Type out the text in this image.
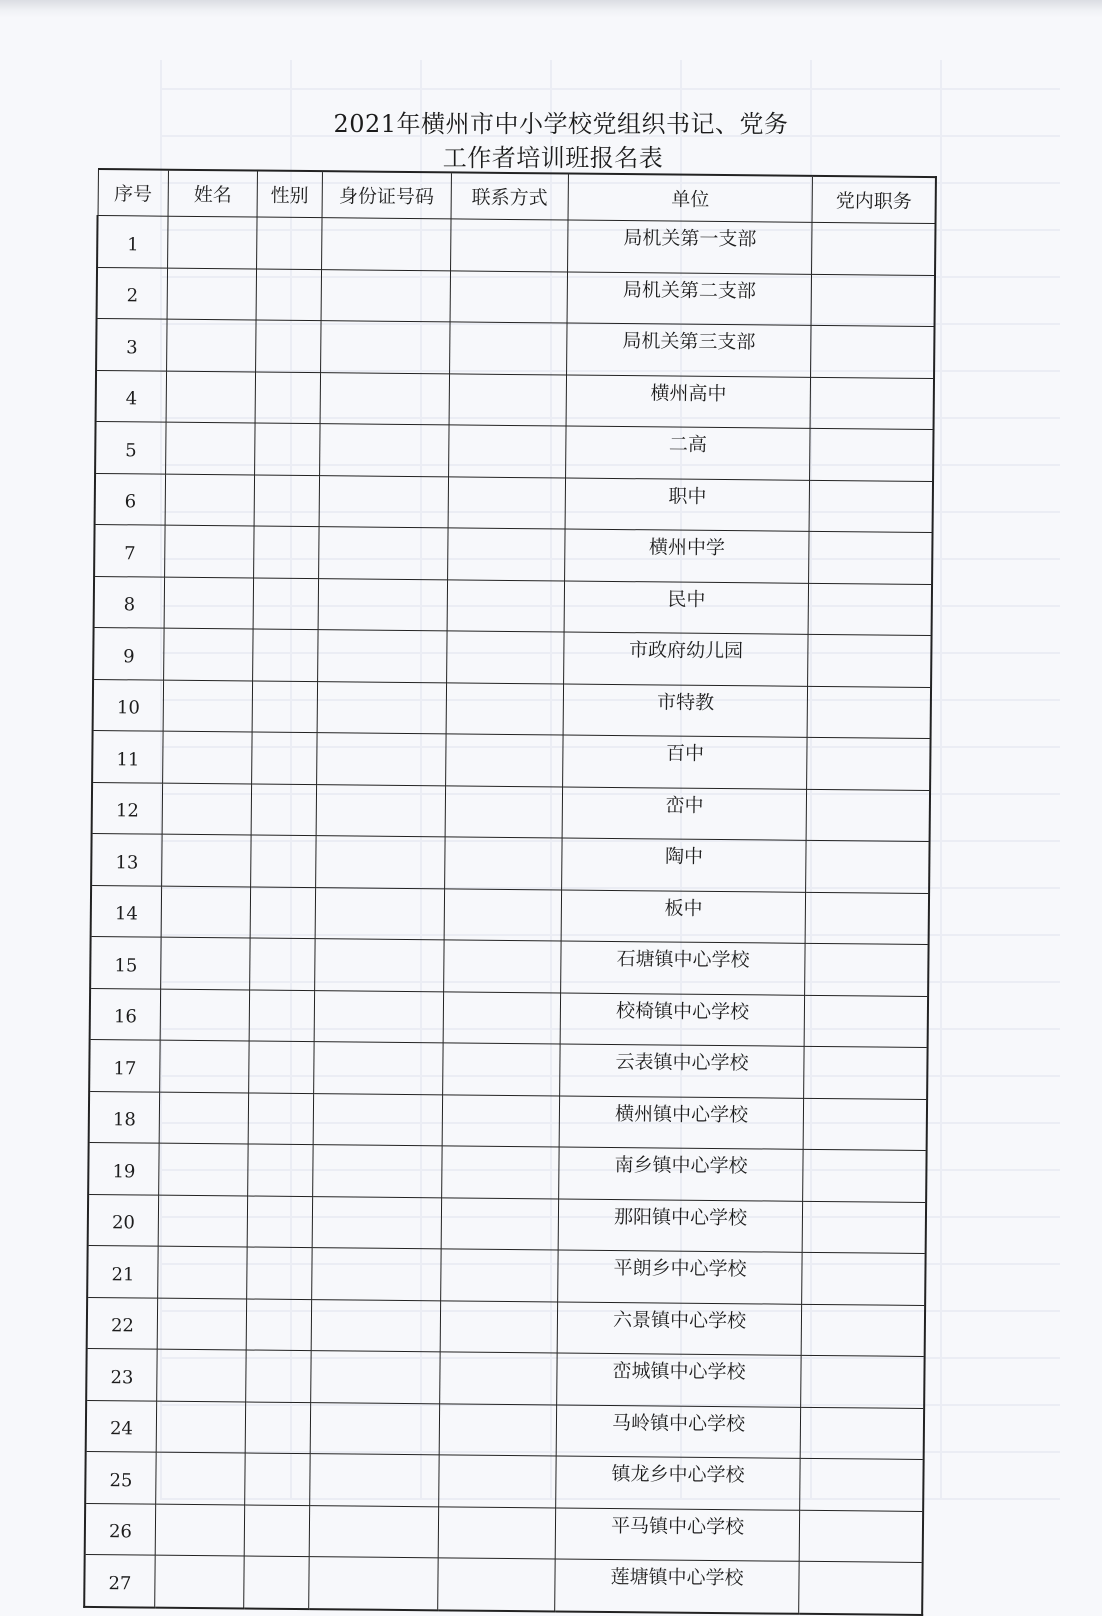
2021年横州市中小学校党组织书记、党务
工作者培训班报名表
序号	姓名	性别	身份证号码	联系方式	单位	党内职务
1					局机关第一支部	
2					局机关第二支部	
3					局机关第三支部	
4					横州高中	
5					二高	
6					职中	
7					横州中学	
8					民中	
9					市政府幼儿园	
10					市特教	
11					百中	
12					峦中	
13					陶中	
14					板中	
15					石塘镇中心学校	
16					校椅镇中心学校	
17					云表镇中心学校	
18					横州镇中心学校	
19					南乡镇中心学校	
20					那阳镇中心学校	
21					平朗乡中心学校	
22					六景镇中心学校	
23					峦城镇中心学校	
24					马岭镇中心学校	
25					镇龙乡中心学校	
26					平马镇中心学校	
27					莲塘镇中心学校	
